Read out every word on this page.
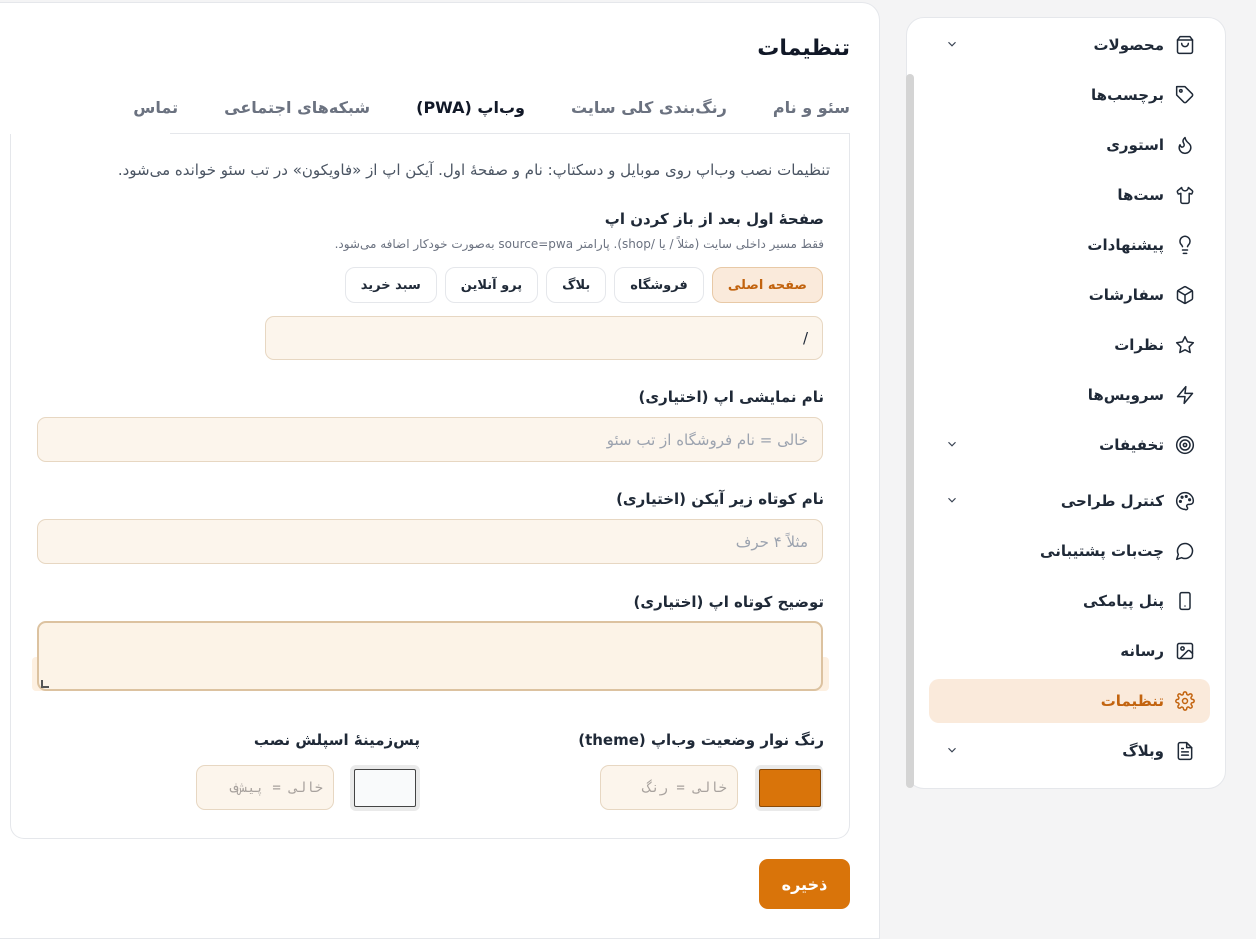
تنظیمات
سئو و نام
رنگ‌بندی کلی سایت
وب‌اپ (PWA)
شبکه‌های اجتماعی
تماس
تنظیمات نصب وب‌اپ روی موبایل و دسکتاپ: نام و صفحهٔ اول. آیکن اپ از «فاویکون» در تب سئو خوانده می‌شود.
صفحهٔ اول بعد از باز کردن اپ
فقط مسیر داخلی سایت (مثلاً / یا /shop). پارامتر source=pwa به‌صورت خودکار اضافه می‌شود.
صفحه اصلی
فروشگاه
بلاگ
پرو آنلاین
سبد خرید
/
نام نمایشی اپ (اختیاری)
خالی = نام فروشگاه از تب سئو
نام کوتاه زیر آیکن (اختیاری)
مثلاً ۴ حرف
توضیح کوتاه اپ (اختیاری)
رنگ نوار وضعیت وب‌اپ (theme)
خالی = رنگ
پس‌زمینهٔ اسپلش نصب
خالی = پیش‌ف
ذخیره
محصولات
برچسب‌ها
استوری
ست‌ها
پیشنهادات
سفارشات
نظرات
سرویس‌ها
تخفیفات
کنترل طراحی
چت‌بات پشتیبانی
پنل پیامکی
رسانه
تنظیمات
وبلاگ
